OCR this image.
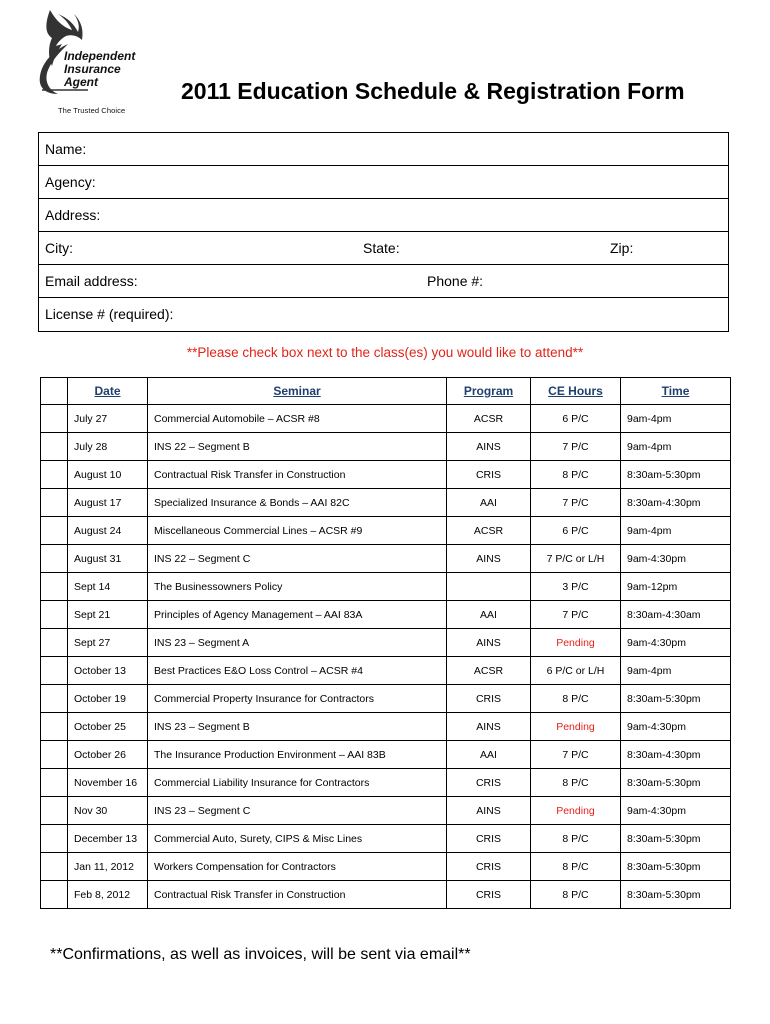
Independent
Insurance
Agent
The Trusted Choice
2011 Education Schedule & Registration Form
Name:
Agency:
Address:
City:	State:	Zip:
Email address:	Phone #:
License # (required):
**Please check box next to the class(es) you would like to attend**
	Date	Seminar	Program	CE Hours	Time
	July 27	Commercial Automobile – ACSR #8	ACSR	6 P/C	9am-4pm
	July 28	INS 22 – Segment B	AINS	7 P/C	9am-4pm
	August 10	Contractual Risk Transfer in Construction	CRIS	8 P/C	8:30am-5:30pm
	August 17	Specialized Insurance & Bonds – AAI 82C	AAI	7 P/C	8:30am-4:30pm
	August 24	Miscellaneous Commercial Lines – ACSR #9	ACSR	6 P/C	9am-4pm
	August 31	INS 22 – Segment C	AINS	7 P/C or L/H	9am-4:30pm
	Sept 14	The Businessowners Policy		3 P/C	9am-12pm
	Sept 21	Principles of Agency Management – AAI 83A	AAI	7 P/C	8:30am-4:30am
	Sept 27	INS 23 – Segment A	AINS	Pending	9am-4:30pm
	October 13	Best Practices E&O Loss Control – ACSR #4	ACSR	6 P/C or L/H	9am-4pm
	October 19	Commercial Property Insurance for Contractors	CRIS	8 P/C	8:30am-5:30pm
	October 25	INS 23 – Segment B	AINS	Pending	9am-4:30pm
	October 26	The Insurance Production Environment – AAI 83B	AAI	7 P/C	8:30am-4:30pm
	November 16	Commercial Liability Insurance for Contractors	CRIS	8 P/C	8:30am-5:30pm
	Nov 30	INS 23 – Segment C	AINS	Pending	9am-4:30pm
	December 13	Commercial Auto, Surety, CIPS & Misc Lines	CRIS	8 P/C	8:30am-5:30pm
	Jan 11, 2012	Workers Compensation for Contractors	CRIS	8 P/C	8:30am-5:30pm
	Feb 8, 2012	Contractual Risk Transfer in Construction	CRIS	8 P/C	8:30am-5:30pm
**Confirmations, as well as invoices, will be sent via email**
